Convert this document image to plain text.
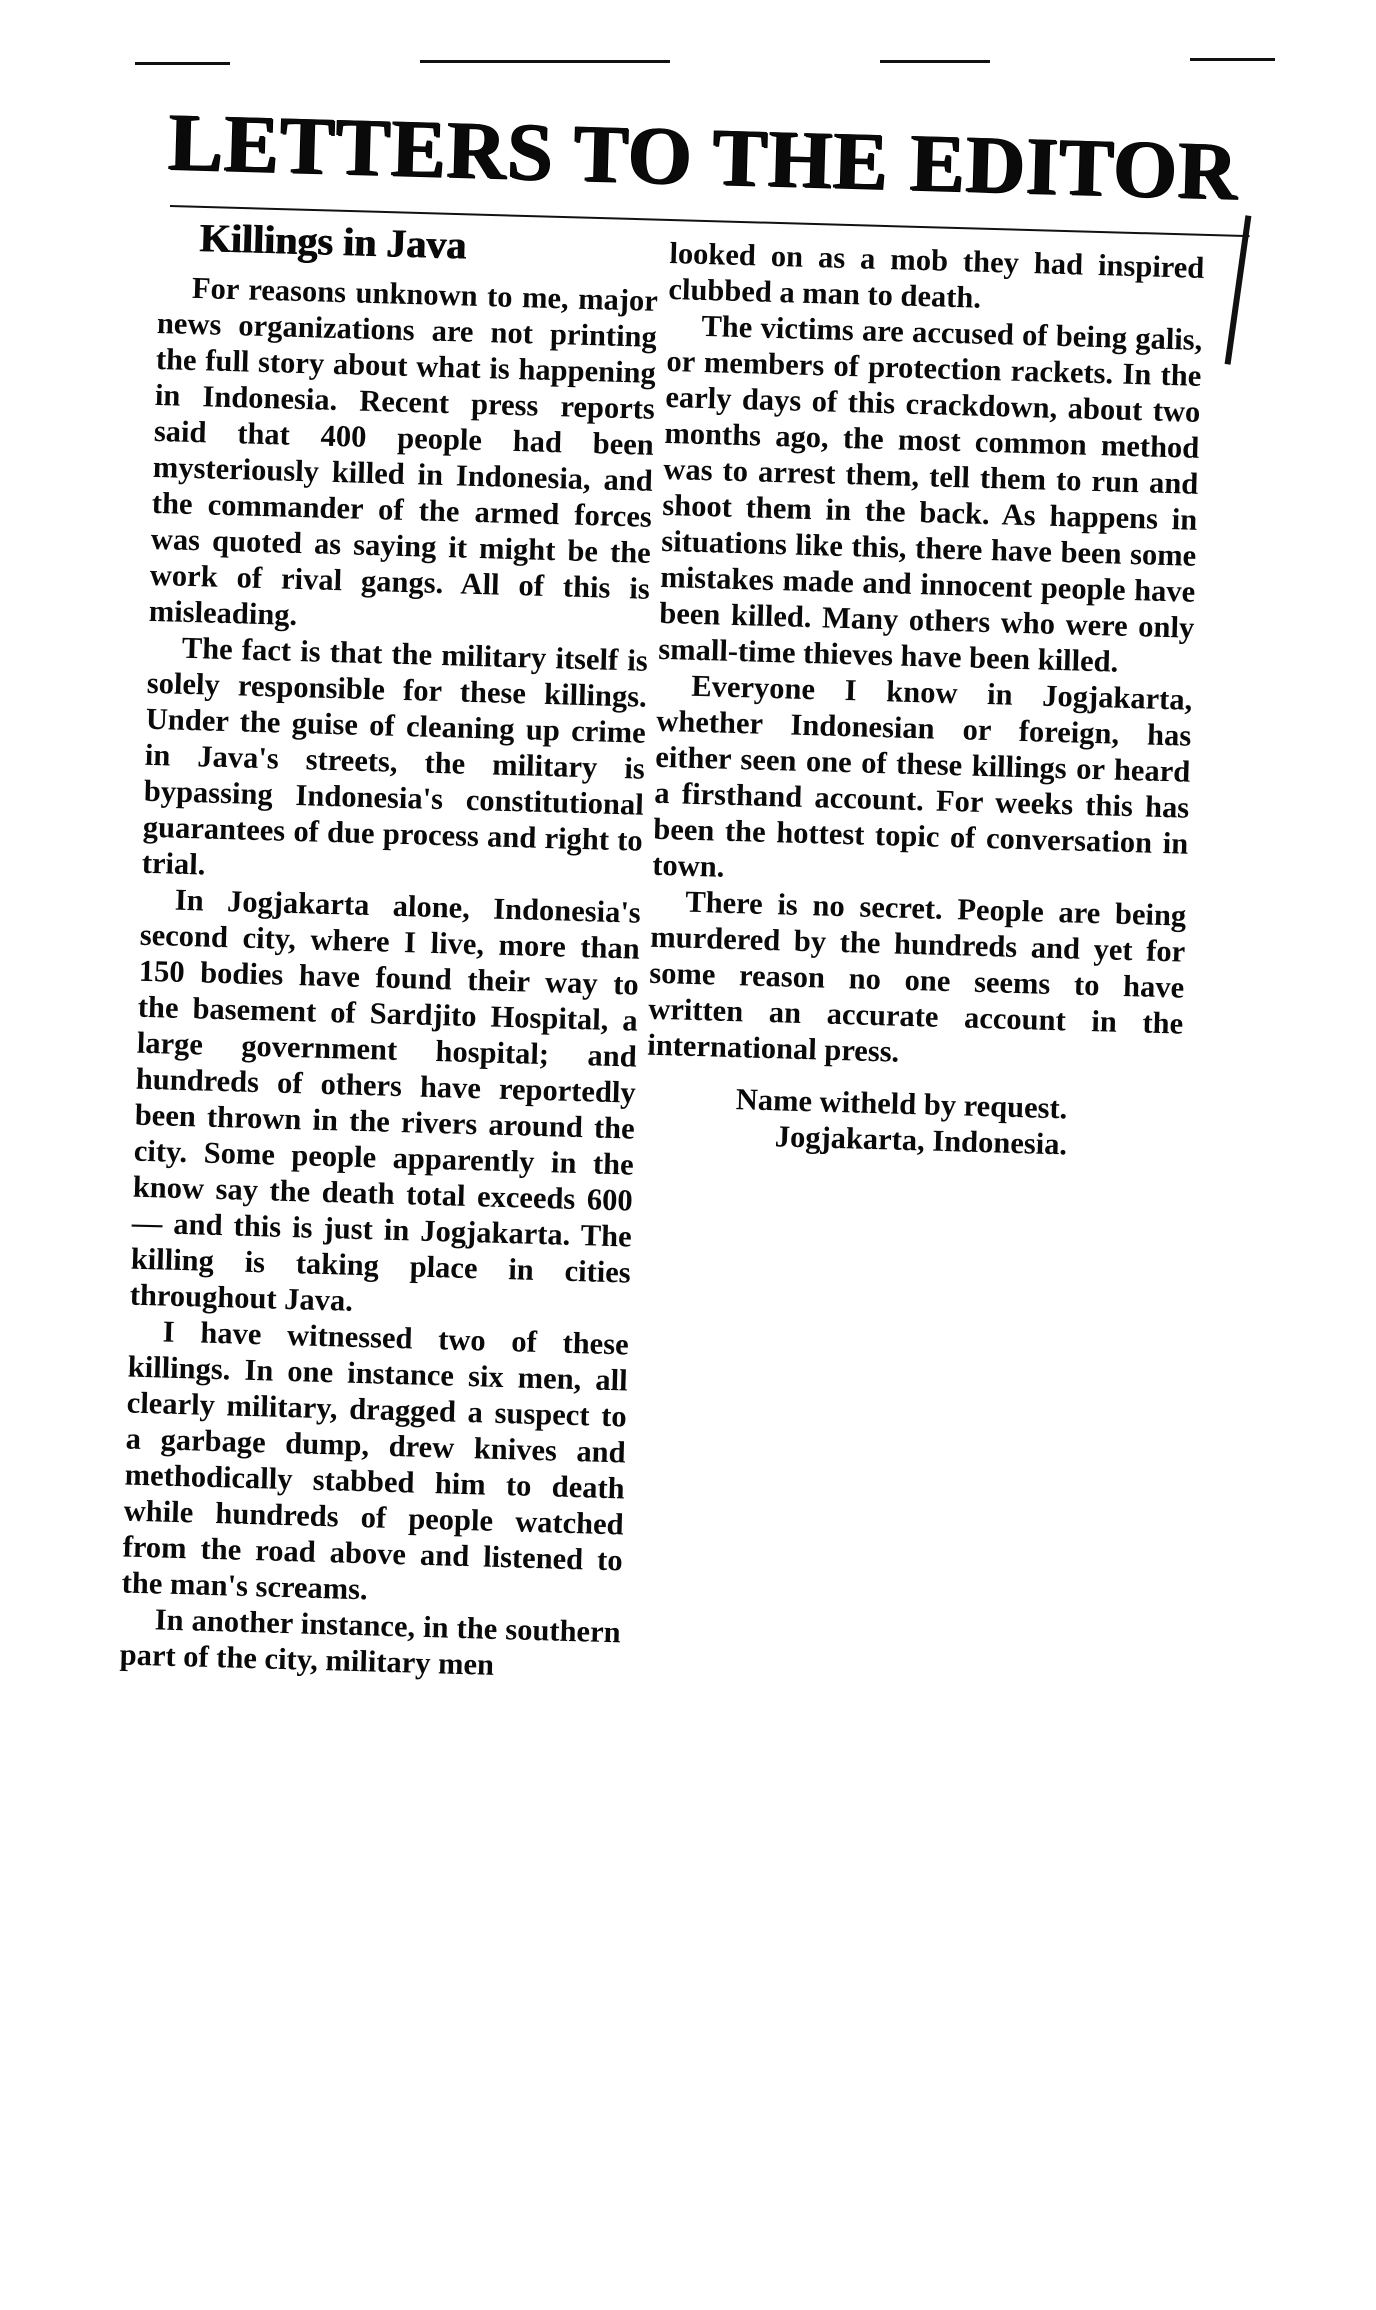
LETTERS TO THE EDITOR
Killings in Java

For reasons unknown to me, major news organizations are not printing the full story about what is happening in Indonesia. Recent press reports said that 400 people had been mysteriously killed in Indonesia, and the commander of the armed forces was quoted as saying it might be the work of rival gangs. All of this is misleading.

The fact is that the military itself is solely responsible for these killings. Under the guise of cleaning up crime in Java's streets, the military is bypassing Indonesia's constitutional guarantees of due process and right to trial.

In Jogjakarta alone, Indonesia's second city, where I live, more than 150 bodies have found their way to the basement of Sardjito Hospital, a large government hospital; and hundreds of others have reportedly been thrown in the rivers around the city. Some people apparently in the know say the death total exceeds 600 — and this is just in Jogjakarta. The killing is taking place in cities throughout Java.

I have witnessed two of these killings. In one instance six men, all clearly military, dragged a suspect to a garbage dump, drew knives and methodically stabbed him to death while hundreds of people watched from the road above and listened to the man's screams.

In another instance, in the southern part of the city, military men

looked on as a mob they had inspired clubbed a man to death.

The victims are accused of being galis, or members of protection rackets. In the early days of this crackdown, about two months ago, the most common method was to arrest them, tell them to run and shoot them in the back. As happens in situations like this, there have been some mistakes made and innocent people have been killed. Many others who were only small-time thieves have been killed.

Everyone I know in Jogjakarta, whether Indonesian or foreign, has either seen one of these killings or heard a firsthand account. For weeks this has been the hottest topic of conversation in town.

There is no secret. People are being murdered by the hundreds and yet for some reason no one seems to have written an accurate account in the international press.

Name witheld by request.
Jogjakarta, Indonesia.
